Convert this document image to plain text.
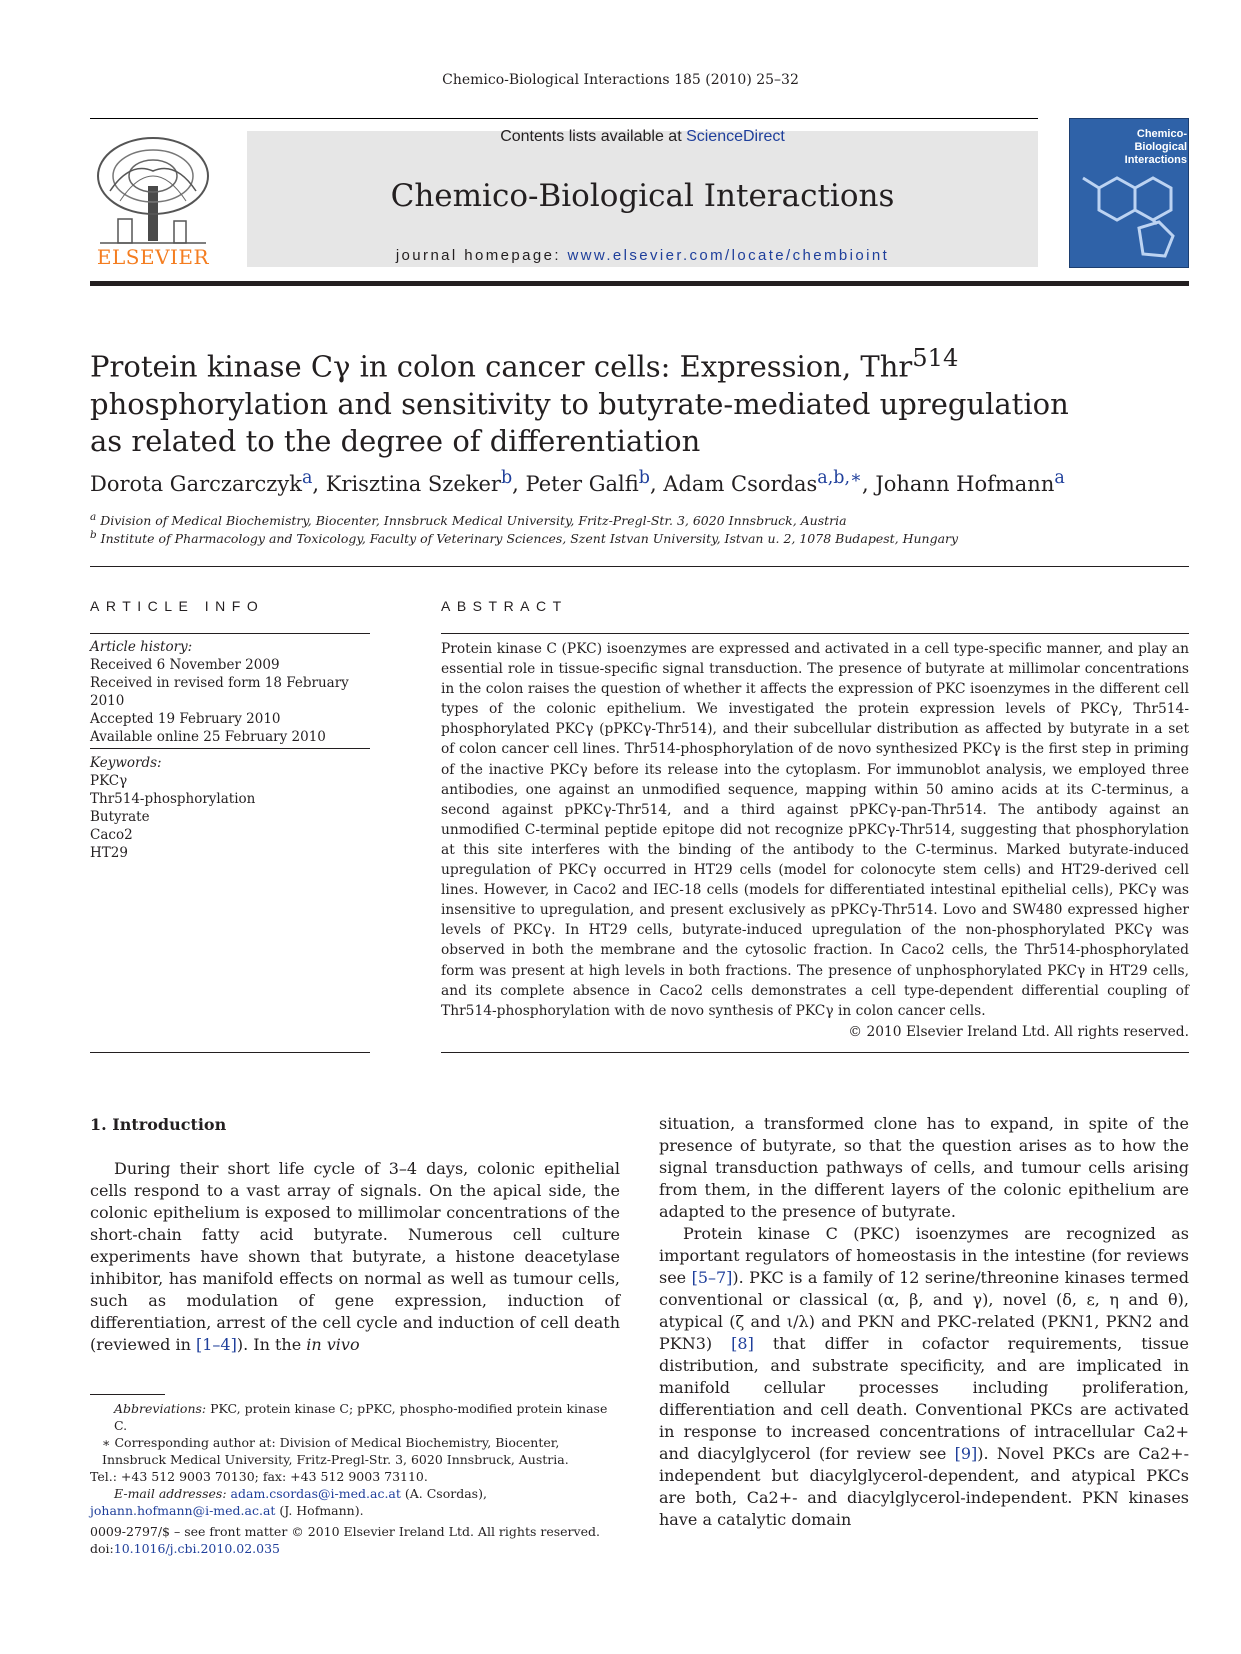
Chemico-Biological Interactions 185 (2010) 25–32
ELSEVIER
Contents lists available at ScienceDirect
Chemico-Biological Interactions
journal homepage: www.elsevier.com/locate/chembioint
Chemico-Biological Interactions
Protein kinase Cγ in colon cancer cells: Expression, Thr$^{514}$ phosphorylation and sensitivity to butyrate-mediated upregulation as related to the degree of differentiation
Dorota Garczarczyk$^a$, Krisztina Szeker$^b$, Peter Galfi$^b$, Adam Csordas$^{a,b,∗}$, Johann Hofmann$^a$
$^a$ Division of Medical Biochemistry, Biocenter, Innsbruck Medical University, Fritz-Pregl-Str. 3, 6020 Innsbruck, Austria
$^b$ Institute of Pharmacology and Toxicology, Faculty of Veterinary Sciences, Szent Istvan University, Istvan u. 2, 1078 Budapest, Hungary
ARTICLE INFO
Article history:
Received 6 November 2009
Received in revised form 18 February 2010
Accepted 19 February 2010
Available online 25 February 2010
Keywords:
PKCγ
Thr514-phosphorylation
Butyrate
Caco2
HT29
ABSTRACT
Protein kinase C (PKC) isoenzymes are expressed and activated in a cell type-specific manner, and play an essential role in tissue-specific signal transduction. The presence of butyrate at millimolar concentrations in the colon raises the question of whether it affects the expression of PKC isoenzymes in the different cell types of the colonic epithelium. We investigated the protein expression levels of PKCγ, Thr514-phosphorylated PKCγ (pPKCγ-Thr514), and their subcellular distribution as affected by butyrate in a set of colon cancer cell lines. Thr514-phosphorylation of de novo synthesized PKCγ is the first step in priming of the inactive PKCγ before its release into the cytoplasm. For immunoblot analysis, we employed three antibodies, one against an unmodified sequence, mapping within 50 amino acids at its C-terminus, a second against pPKCγ-Thr514, and a third against pPKCγ-pan-Thr514. The antibody against an unmodified C-terminal peptide epitope did not recognize pPKCγ-Thr514, suggesting that phosphorylation at this site interferes with the binding of the antibody to the C-terminus. Marked butyrate-induced upregulation of PKCγ occurred in HT29 cells (model for colonocyte stem cells) and HT29-derived cell lines. However, in Caco2 and IEC-18 cells (models for differentiated intestinal epithelial cells), PKCγ was insensitive to upregulation, and present exclusively as pPKCγ-Thr514. Lovo and SW480 expressed higher levels of PKCγ. In HT29 cells, butyrate-induced upregulation of the non-phosphorylated PKCγ was observed in both the membrane and the cytosolic fraction. In Caco2 cells, the Thr514-phosphorylated form was present at high levels in both fractions. The presence of unphosphorylated PKCγ in HT29 cells, and its complete absence in Caco2 cells demonstrates a cell type-dependent differential coupling of Thr514-phosphorylation with de novo synthesis of PKCγ in colon cancer cells.
© 2010 Elsevier Ireland Ltd. All rights reserved.
1. Introduction

During their short life cycle of 3–4 days, colonic epithelial cells respond to a vast array of signals. On the apical side, the colonic epithelium is exposed to millimolar concentrations of the short-chain fatty acid butyrate. Numerous cell culture experiments have shown that butyrate, a histone deacetylase inhibitor, has manifold effects on normal as well as tumour cells, such as modulation of gene expression, induction of differentiation, arrest of the cell cycle and induction of cell death (reviewed in [1–4]). In the in vivo

Abbreviations: PKC, protein kinase C; pPKC, phospho-modified protein kinase C.
∗ Corresponding author at: Division of Medical Biochemistry, Biocenter, Innsbruck Medical University, Fritz-Pregl-Str. 3, 6020 Innsbruck, Austria.
Tel.: +43 512 9003 70130; fax: +43 512 9003 73110.
E-mail addresses: adam.csordas@i-med.ac.at (A. Csordas),
johann.hofmann@i-med.ac.at (J. Hofmann).
0009-2797/$ – see front matter © 2010 Elsevier Ireland Ltd. All rights reserved.
doi:10.1016/j.cbi.2010.02.035

situation, a transformed clone has to expand, in spite of the presence of butyrate, so that the question arises as to how the signal transduction pathways of cells, and tumour cells arising from them, in the different layers of the colonic epithelium are adapted to the presence of butyrate.

Protein kinase C (PKC) isoenzymes are recognized as important regulators of homeostasis in the intestine (for reviews see [5–7]). PKC is a family of 12 serine/threonine kinases termed conventional or classical (α, β, and γ), novel (δ, ε, η and θ), atypical (ζ and ι/λ) and PKN and PKC-related (PKN1, PKN2 and PKN3) [8] that differ in cofactor requirements, tissue distribution, and substrate specificity, and are implicated in manifold cellular processes including proliferation, differentiation and cell death. Conventional PKCs are activated in response to increased concentrations of intracellular Ca2+ and diacylglycerol (for review see [9]). Novel PKCs are Ca2+-independent but diacylglycerol-dependent, and atypical PKCs are both, Ca2+- and diacylglycerol-independent. PKN kinases have a catalytic domain
